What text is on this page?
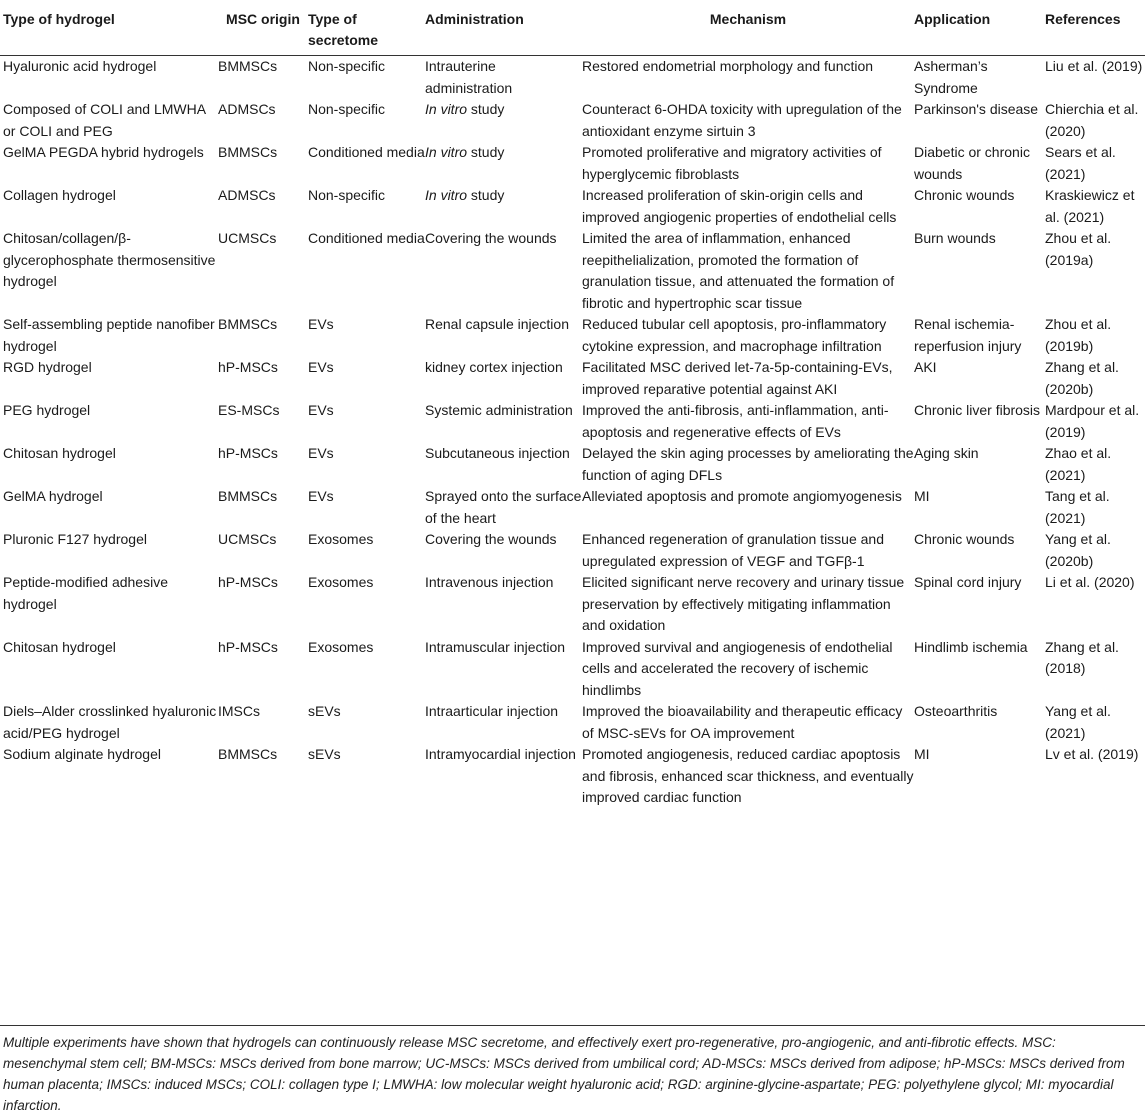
Type of hydrogel	MSC origin	Type of secretome	Administration	Mechanism	Application	References
Hyaluronic acid hydrogel	BMMSCs	Non-specific	Intrauterine administration	Restored endometrial morphology and function	Asherman’s Syndrome	Liu et al. (2019)
Composed of COLI and LMWHA or COLI and PEG	ADMSCs	Non-specific	In vitro study	Counteract 6-OHDA toxicity with upregulation of the antioxidant enzyme sirtuin 3	Parkinson's disease	Chierchia et al. (2020)
GelMA PEGDA hybrid hydrogels	BMMSCs	Conditioned media	In vitro study	Promoted proliferative and migratory activities of hyperglycemic fibroblasts	Diabetic or chronic wounds	Sears et al. (2021)
Collagen hydrogel	ADMSCs	Non-specific	In vitro study	Increased proliferation of skin-origin cells and improved angiogenic properties of endothelial cells	Chronic wounds	Kraskiewicz et al. (2021)
Chitosan/collagen/β-glycerophosphate thermosensitive hydrogel	UCMSCs	Conditioned media	Covering the wounds	Limited the area of inflammation, enhanced reepithelialization, promoted the formation of granulation tissue, and attenuated the formation of fibrotic and hypertrophic scar tissue	Burn wounds	Zhou et al. (2019a)
Self-assembling peptide nanofiber hydrogel	BMMSCs	EVs	Renal capsule injection	Reduced tubular cell apoptosis, pro-inflammatory cytokine expression, and macrophage infiltration	Renal ischemia-reperfusion injury	Zhou et al. (2019b)
RGD hydrogel	hP-MSCs	EVs	kidney cortex injection	Facilitated MSC derived let-7a-5p-containing-EVs, improved reparative potential against AKI	AKI	Zhang et al. (2020b)
PEG hydrogel	ES-MSCs	EVs	Systemic administration	Improved the anti-fibrosis, anti-inflammation, anti-apoptosis and regenerative effects of EVs	Chronic liver fibrosis	Mardpour et al. (2019)
Chitosan hydrogel	hP-MSCs	EVs	Subcutaneous injection	Delayed the skin aging processes by ameliorating the function of aging DFLs	Aging skin	Zhao et al. (2021)
GelMA hydrogel	BMMSCs	EVs	Sprayed onto the surface of the heart	Alleviated apoptosis and promote angiomyogenesis	MI	Tang et al. (2021)
Pluronic F127 hydrogel	UCMSCs	Exosomes	Covering the wounds	Enhanced regeneration of granulation tissue and upregulated expression of VEGF and TGFβ-1	Chronic wounds	Yang et al. (2020b)
Peptide-modified adhesive hydrogel	hP-MSCs	Exosomes	Intravenous injection	Elicited significant nerve recovery and urinary tissue preservation by effectively mitigating inflammation and oxidation	Spinal cord injury	Li et al. (2020)
Chitosan hydrogel	hP-MSCs	Exosomes	Intramuscular injection	Improved survival and angiogenesis of endothelial cells and accelerated the recovery of ischemic hindlimbs	Hindlimb ischemia	Zhang et al. (2018)
Diels–Alder crosslinked hyaluronic acid/PEG hydrogel	IMSCs	sEVs	Intraarticular injection	Improved the bioavailability and therapeutic efficacy of MSC-sEVs for OA improvement	Osteoarthritis	Yang et al. (2021)
Sodium alginate hydrogel	BMMSCs	sEVs	Intramyocardial injection	Promoted angiogenesis, reduced cardiac apoptosis and fibrosis, enhanced scar thickness, and eventually improved cardiac function	MI	Lv et al. (2019)
Multiple experiments have shown that hydrogels can continuously release MSC secretome, and effectively exert pro-regenerative, pro-angiogenic, and anti-fibrotic effects. MSC: mesenchymal stem cell; BM-MSCs: MSCs derived from bone marrow; UC-MSCs: MSCs derived from umbilical cord; AD-MSCs: MSCs derived from adipose; hP-MSCs: MSCs derived from human placenta; IMSCs: induced MSCs; COLI: collagen type I; LMWHA: low molecular weight hyaluronic acid; RGD: arginine-glycine-aspartate; PEG: polyethylene glycol; MI: myocardial infarction.
